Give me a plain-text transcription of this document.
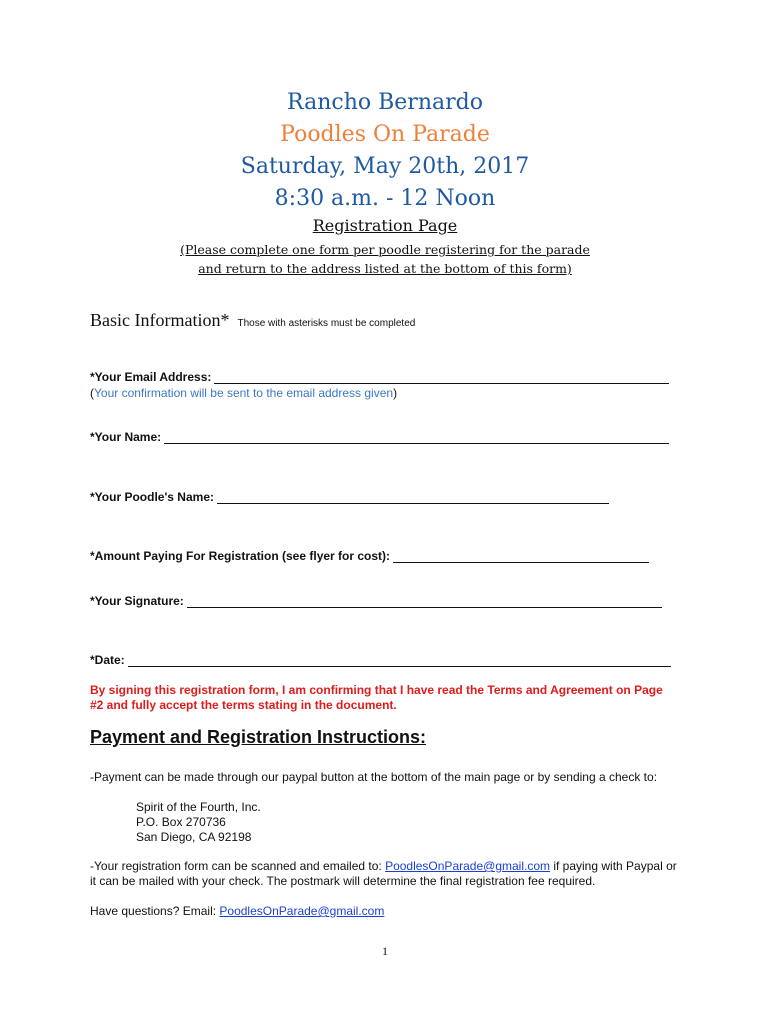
Rancho Bernardo
Poodles On Parade
Saturday, May 20th, 2017
8:30 a.m. - 12 Noon
Registration Page
(Please complete one form per poodle registering for the parade
and return to the address listed at the bottom of this form)
Basic Information* Those with asterisks must be completed
*Your Email Address:
(Your confirmation will be sent to the email address given)
*Your Name:
*Your Poodle's Name:
*Amount Paying For Registration (see flyer for cost):
*Your Signature:
*Date:
By signing this registration form, I am confirming that I have read the Terms and Agreement on Page #2 and fully accept the terms stating in the document.
Payment and Registration Instructions:
-Payment can be made through our paypal button at the bottom of the main page or by sending a check to:
Spirit of the Fourth, Inc.
P.O. Box 270736
San Diego, CA 92198
-Your registration form can be scanned and emailed to: PoodlesOnParade@gmail.com if paying with Paypal or it can be mailed with your check. The postmark will determine the final registration fee required.
Have questions? Email: PoodlesOnParade@gmail.com
1
